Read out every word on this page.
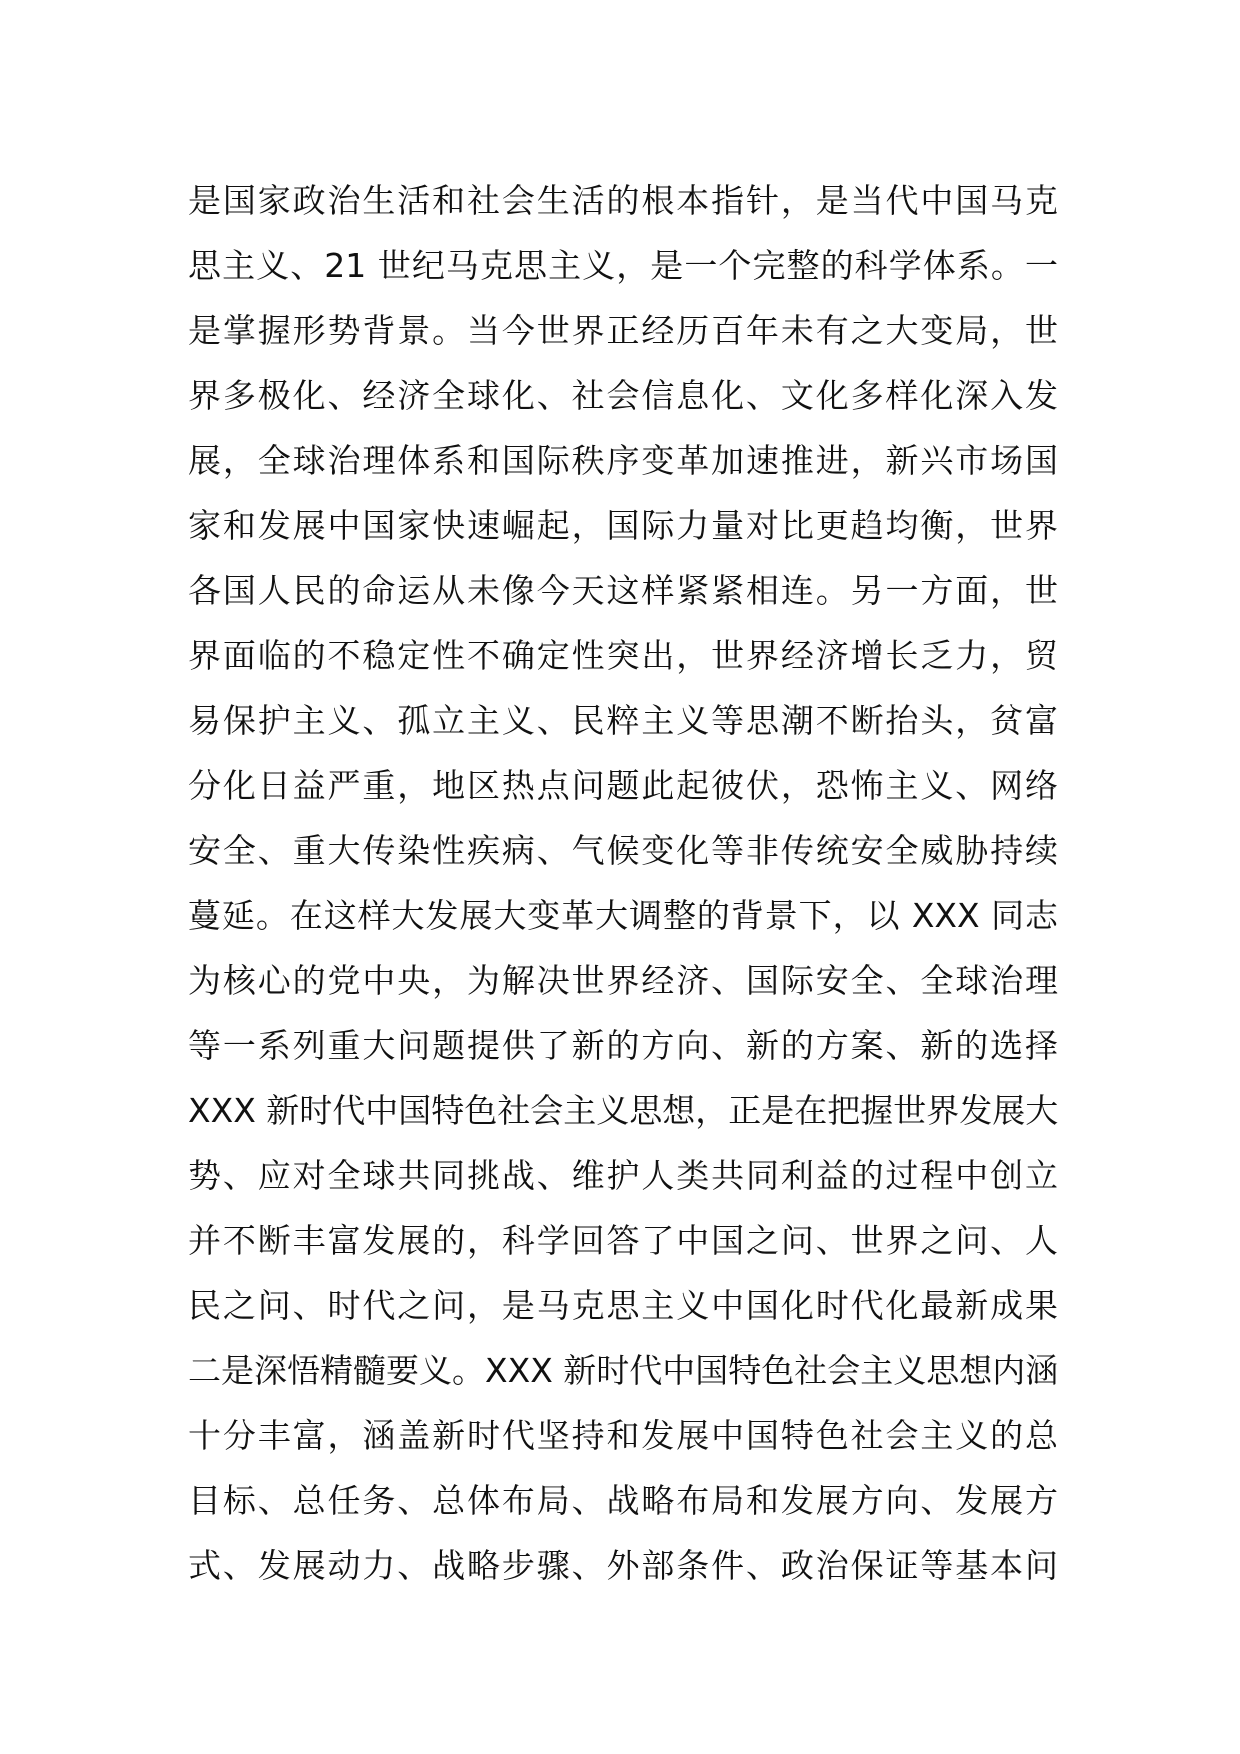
是国家政治生活和社会生活的根本指针，是当代中国马克
思主义、21 世纪马克思主义，是一个完整的科学体系。一
是掌握形势背景。当今世界正经历百年未有之大变局，世
界多极化、经济全球化、社会信息化、文化多样化深入发
展，全球治理体系和国际秩序变革加速推进，新兴市场国
家和发展中国家快速崛起，国际力量对比更趋均衡，世界
各国人民的命运从未像今天这样紧紧相连。另一方面，世
界面临的不稳定性不确定性突出，世界经济增长乏力，贸
易保护主义、孤立主义、民粹主义等思潮不断抬头，贫富
分化日益严重，地区热点问题此起彼伏，恐怖主义、网络
安全、重大传染性疾病、气候变化等非传统安全威胁持续
蔓延。在这样大发展大变革大调整的背景下，以 XXX 同志
为核心的党中央，为解决世界经济、国际安全、全球治理
等一系列重大问题提供了新的方向、新的方案、新的选择
XXX 新时代中国特色社会主义思想，正是在把握世界发展大
势、应对全球共同挑战、维护人类共同利益的过程中创立
并不断丰富发展的，科学回答了中国之问、世界之问、人
民之问、时代之问，是马克思主义中国化时代化最新成果
二是深悟精髓要义。XXX 新时代中国特色社会主义思想内涵
十分丰富，涵盖新时代坚持和发展中国特色社会主义的总
目标、总任务、总体布局、战略布局和发展方向、发展方
式、发展动力、战略步骤、外部条件、政治保证等基本问
